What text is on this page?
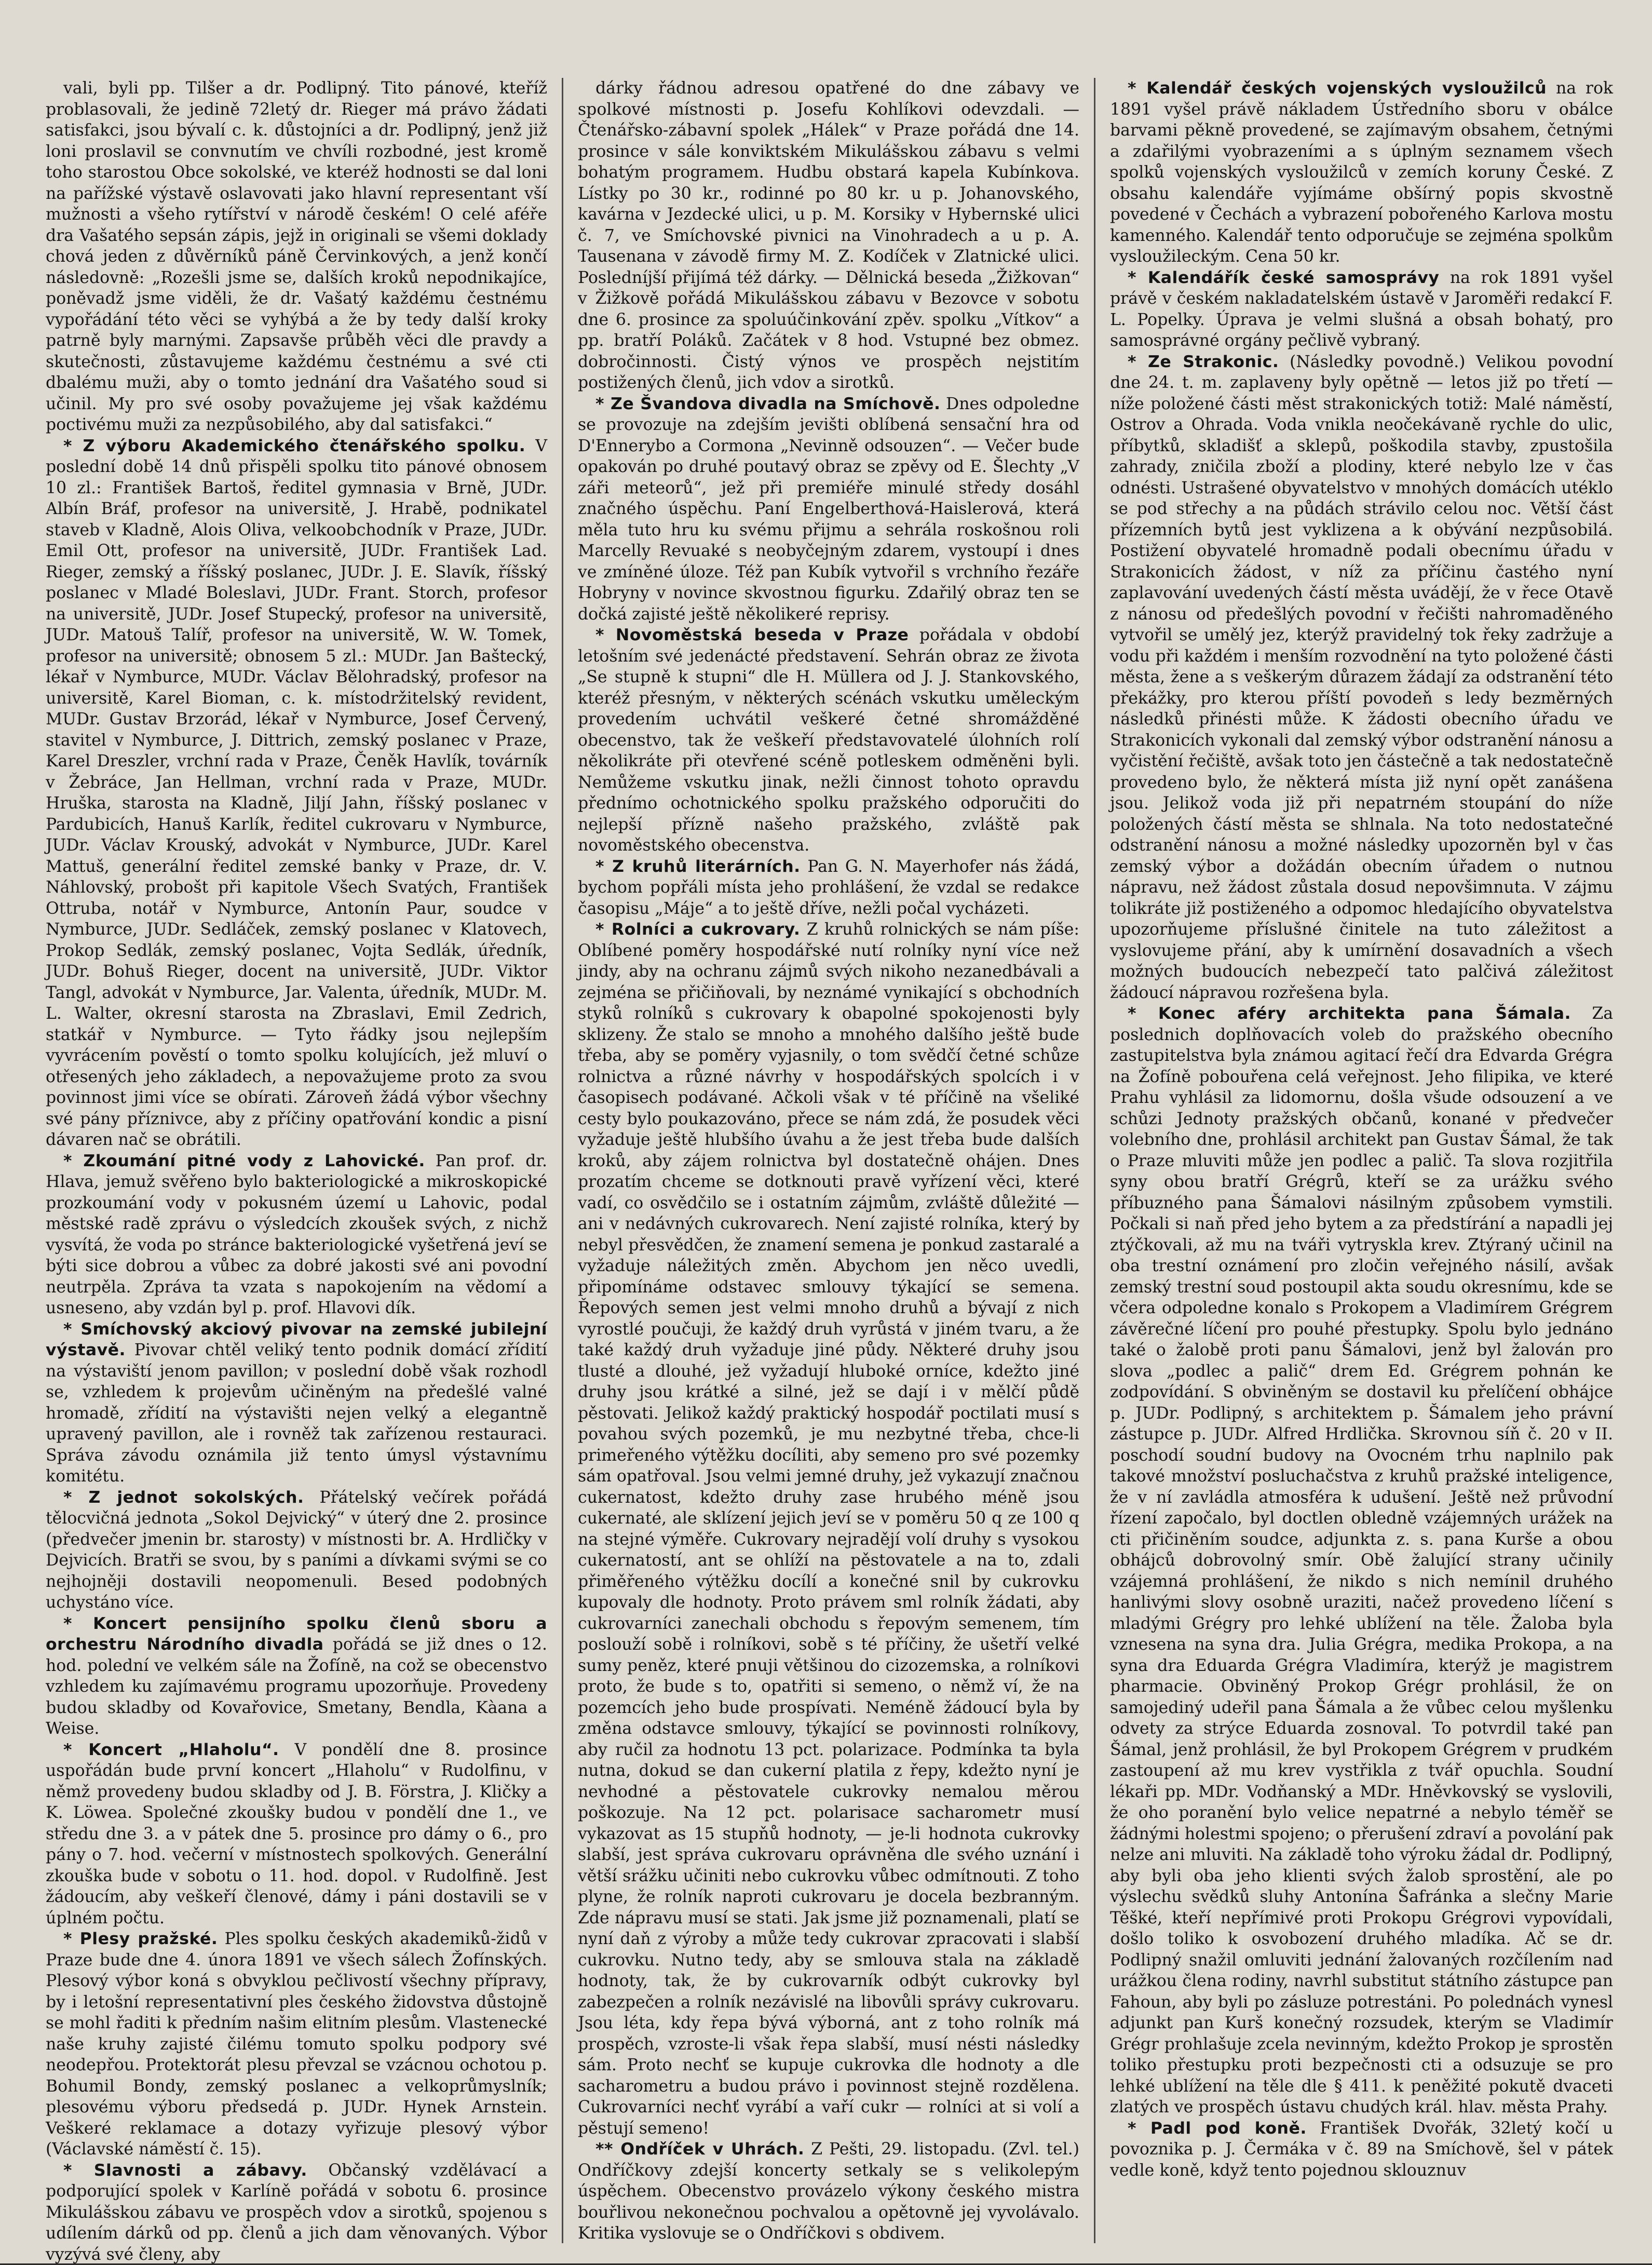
vali, byli pp. Tilšer a dr. Podlipný. Tito pánové, kteříž problasovali, že jedině 72letý dr. Rieger má právo žádati satisfakci, jsou bývalí c. k. důstojníci a dr. Podlipný, jenž již loni proslavil se convnutím ve chvíli rozbodné, jest kromě toho starostou Obce sokolské, ve kteréž hodnosti se dal loni na pařížské výstavě oslavovati jako hlavní representant vší mužnosti a všeho rytířství v národě českém! O celé aféře dra Vašatého sepsán zápis, jejž in originali se všemi doklady chová jeden z důvěrníků páně Červinkových, a jenž končí následovně: „Rozešli jsme se, dalších kroků nepodnikajíce, poněvadž jsme viděli, že dr. Vašatý každému čestnému vypořádání této věci se vyhýbá a že by tedy další kroky patrně byly marnými. Zapsavše průběh věci dle pravdy a skutečnosti, zůstavujeme každému čestnému a své cti dbalému muži, aby o tomto jednání dra Vašatého soud si učinil. My pro své osoby považujeme jej však každému poctivému muži za nezpůsobilého, aby dal satisfakci.“

* Z výboru Akademického čtenářského spolku. V poslední době 14 dnů přispěli spolku tito pánové obnosem 10 zl.: František Bartoš, ředitel gymnasia v Brně, JUDr. Albín Bráf, profesor na universitě, J. Hrabě, podnikatel staveb v Kladně, Alois Oliva, velkoobchodník v Praze, JUDr. Emil Ott, profesor na universitě, JUDr. František Lad. Rieger, zemský a říšský poslanec, JUDr. J. E. Slavík, říšský poslanec v Mladé Boleslavi, JUDr. Frant. Storch, profesor na universitě, JUDr. Josef Stupecký, profesor na universitě, JUDr. Matouš Talíř, profesor na universitě, W. W. Tomek, profesor na universitě; obnosem 5 zl.: MUDr. Jan Baštecký, lékař v Nymburce, MUDr. Václav Bělohradský, profesor na universitě, Karel Bioman, c. k. místodržitelský revident, MUDr. Gustav Brzorád, lékař v Nymburce, Josef Červený, stavitel v Nymburce, J. Dittrich, zemský poslanec v Praze, Karel Dreszler, vrchní rada v Praze, Čeněk Havlík, továrník v Žebráce, Jan Hellman, vrchní rada v Praze, MUDr. Hruška, starosta na Kladně, Jiljí Jahn, říšský poslanec v Pardubicích, Hanuš Karlík, ředitel cukrovaru v Nymburce, JUDr. Václav Krouský, advokát v Nymburce, JUDr. Karel Mattuš, generální ředitel zemské banky v Praze, dr. V. Náhlovský, probošt při kapitole Všech Svatých, František Ottruba, notář v Nymburce, Antonín Paur, soudce v Nymburce, JUDr. Sedláček, zemský poslanec v Klatovech, Prokop Sedlák, zemský poslanec, Vojta Sedlák, úředník, JUDr. Bohuš Rieger, docent na universitě, JUDr. Viktor Tangl, advokát v Nymburce, Jar. Valenta, úředník, MUDr. M. L. Walter, okresní starosta na Zbraslavi, Emil Zedrich, statkář v Nymburce. — Tyto řádky jsou nejlepším vyvrácením pověstí o tomto spolku kolujících, jež mluví o otřesených jeho základech, a nepovažujeme proto za svou povinnost jimi více se obírati. Zároveň žádá výbor všechny své pány příznivce, aby z příčiny opatřování kondic a pisní dávaren nač se obrátili.

* Zkoumání pitné vody z Lahovické. Pan prof. dr. Hlava, jemuž svěřeno bylo bakteriologické a mikroskopické prozkoumání vody v pokusném území u Lahovic, podal městské radě zprávu o výsledcích zkoušek svých, z nichž vysvítá, že voda po stránce bakteriologické vyšetřená jeví se býti sice dobrou a vůbec za dobré jakosti své ani povodní neutrpěla. Zpráva ta vzata s napokojením na vědomí a usneseno, aby vzdán byl p. prof. Hlavovi dík.

* Smíchovský akciový pivovar na zemské jubilejní výstavě. Pivovar chtěl veliký tento podnik domácí zřídití na výstaviští jenom pavillon; v poslední době však rozhodl se, vzhledem k projevům učiněným na předešlé valné hromadě, zřídití na výstavišti nejen velký a elegantně upravený pavillon, ale i rovněž tak zařízenou restauraci. Správa závodu oznámila již tento úmysl výstavnímu komitétu.

* Z jednot sokolských. Přátelský večírek pořádá tělocvičná jednota „Sokol Dejvický“ v úterý dne 2. prosince (předvečer jmenin br. starosty) v místnosti br. A. Hrdličky v Dejvicích. Bratři se svou, by s paními a dívkami svými se co nejhojněji dostavili neopomenuli. Besed podobných uchystáno více.

* Koncert pensijního spolku členů sboru a orchestru Národního divadla pořádá se již dnes o 12. hod. polední ve velkém sále na Žofíně, na což se obecenstvo vzhledem ku zajímavému programu upozorňuje. Provedeny budou skladby od Kovařovice, Smetany, Bendla, Kàana a Weise.

* Koncert „Hlaholu“. V pondělí dne 8. prosince uspořádán bude první koncert „Hlaholu“ v Rudolfinu, v němž provedeny budou skladby od J. B. Förstra, J. Kličky a K. Löwea. Společné zkoušky budou v pondělí dne 1., ve středu dne 3. a v pátek dne 5. prosince pro dámy o 6., pro pány o 7. hod. večerní v místnostech spolkových. Generální zkouška bude v sobotu o 11. hod. dopol. v Rudolfině. Jest žádoucím, aby veškeří členové, dámy i páni dostavili se v úplném počtu.

* Plesy pražské. Ples spolku českých akademiků-židů v Praze bude dne 4. února 1891 ve všech sálech Žofínských. Plesový výbor koná s obvyklou pečlivostí všechny přípravy, by i letošní representativní ples českého židovstva důstojně se mohl řaditi k předním našim elitním plesům. Vlastenecké naše kruhy zajisté čilému tomuto spolku podpory své neodepřou. Protektorát plesu převzal se vzácnou ochotou p. Bohumil Bondy, zemský poslanec a velkoprůmyslník; plesovému výboru předsedá p. JUDr. Hynek Arnstein. Veškeré reklamace a dotazy vyřizuje plesový výbor (Václavské náměstí č. 15).

* Slavnosti a zábavy. Občanský vzdělávací a podporující spolek v Karlíně pořádá v sobotu 6. prosince Mikulášskou zábavu ve prospěch vdov a sirotků, spojenou s udílením dárků od pp. členů a jich dam věnovaných. Výbor vyzývá své členy, aby

dárky řádnou adresou opatřené do dne zábavy ve spolkové místnosti p. Josefu Kohlíkovi odevzdali. — Čtenářsko-zábavní spolek „Hálek“ v Praze pořádá dne 14. prosince v sále konviktském Mikulášskou zábavu s velmi bohatým programem. Hudbu obstará kapela Kubínkova. Lístky po 30 kr., rodinné po 80 kr. u p. Johanovského, kavárna v Jezdecké ulici, u p. M. Korsiky v Hybernské ulici č. 7, ve Smíchovské pivnici na Vinohradech a u p. A. Tausenana v závodě firmy M. Z. Kodíček v Zlatnické ulici. Posledníjší přijímá též dárky. — Dělnická beseda „Žižkovan“ v Žižkově pořádá Mikulášskou zábavu v Bezovce v sobotu dne 6. prosince za spoluúčinkování zpěv. spolku „Vítkov“ a pp. bratří Poláků. Začátek v 8 hod. Vstupné bez obmez. dobročinnosti. Čistý výnos ve prospěch nejstitím postižených členů, jich vdov a sirotků.

* Ze Švandova divadla na Smíchově. Dnes odpoledne se provozuje na zdejším jevišti oblíbená sensační hra od D'Ennerybo a Cormona „Nevinně odsouzen“. — Večer bude opakován po druhé poutavý obraz se zpěvy od E. Šlechty „V záři meteorů“, jež při premiéře minulé středy dosáhl značného úspěchu. Paní Engelberthová-Haislerová, která měla tuto hru ku svému přijmu a sehrála roskošnou roli Marcelly Revuaké s neobyčejným zdarem, vystoupí i dnes ve zmíněné úloze. Též pan Kubík vytvořil s vrchního řezáře Hobryny v novince skvostnou figurku. Zdařilý obraz ten se dočká zajisté ještě několikeré reprisy.

* Novoměstská beseda v Praze pořádala v období letošním své jedenácté představení. Sehrán obraz ze života „Se stupně k stupni“ dle H. Müllera od J. J. Stankovského, kteréž přesným, v některých scénách vskutku uměleckým provedením uchvátil veškeré četné shromážděné obecenstvo, tak že veškeří představovatelé úlohních rolí několikráte při otevřené scéně potleskem odměněni byli. Nemůžeme vskutku jinak, nežli činnost tohoto opravdu přednímo ochotnického spolku pražského odporučiti do nejlepší přízně našeho pražského, zvláště pak novoměstského obecenstva.

* Z kruhů literárních. Pan G. N. Mayerhofer nás žádá, bychom popřáli místa jeho prohlášení, že vzdal se redakce časopisu „Máje“ a to ještě dříve, nežli počal vycházeti.

* Rolníci a cukrovary. Z kruhů rolnických se nám píše: Oblíbené poměry hospodářské nutí rolníky nyní více než jindy, aby na ochranu zájmů svých nikoho nezanedbávali a zejména se přičiňovali, by neznámé vynikající s obchodních styků rolníků s cukrovary k obapolné spokojenosti byly sklizeny. Že stalo se mnoho a mnohého dalšího ještě bude třeba, aby se poměry vyjasnily, o tom svědčí četné schůze rolnictva a různé návrhy v hospodářských spolcích i v časopisech podávané. Ačkoli však v té příčině na všeliké cesty bylo poukazováno, přece se nám zdá, že posudek věci vyžaduje ještě hlubšího úvahu a že jest třeba bude dalších kroků, aby zájem rolnictva byl dostatečně ohájen. Dnes prozatím chceme se dotknouti pravě vyřízení věci, které vadí, co osvědčilo se i ostatním zájmům, zvláště důležité — ani v nedávných cukrovarech. Není zajisté rolníka, který by nebyl přesvědčen, že znamení semena je ponkud zastaralé a vyžaduje náležitých změn. Abychom jen něco uvedli, připomínáme odstavec smlouvy týkající se semena. Řepových semen jest velmi mnoho druhů a bývají z nich vyrostlé poučuji, že každý druh vyrůstá v jiném tvaru, a že také každý druh vyžaduje jiné půdy. Některé druhy jsou tlusté a dlouhé, jež vyžadují hluboké orníce, kdežto jiné druhy jsou krátké a silné, jež se dají i v mělčí půdě pěstovati. Jelikož každý praktický hospodář poctilati musí s povahou svých pozemků, je mu nezbytné třeba, chce-li primeřeného výtěžku docíliti, aby semeno pro své pozemky sám opatřoval. Jsou velmi jemné druhy, jež vykazují značnou cukernatost, kdežto druhy zase hrubého méně jsou cukernaté, ale sklízení jejich jeví se v poměru 50 q ze 100 q na stejné výměře. Cukrovary nejradějí volí druhy s vysokou cukernatostí, ant se ohlíží na pěstovatele a na to, zdali přiměřeného výtěžku docílí a konečné snil by cukrovku kupovaly dle hodnoty. Proto právem sml rolník žádati, aby cukrovarníci zanechali obchodu s řepovým semenem, tím poslouží sobě i rolníkovi, sobě s té příčiny, že ušetří velké sumy peněz, které pnuji většinou do cizozemska, a rolníkovi proto, že bude s to, opatřiti si semeno, o němž ví, že na pozemcích jeho bude prospívati. Neméně žádoucí byla by změna odstavce smlouvy, týkající se povinnosti rolníkovy, aby ručil za hodnotu 13 pct. polarizace. Podmínka ta byla nutna, dokud se dan cukerní platila z řepy, kdežto nyní je nevhodné a pěstovatele cukrovky nemalou měrou poškozuje. Na 12 pct. polarisace sacharometr musí vykazovat as 15 stupňů hodnoty, — je-li hodnota cukrovky slabší, jest správa cukrovaru oprávněna dle svého uznání i větší srážku učiniti nebo cukrovku vůbec odmítnouti. Z toho plyne, že rolník naproti cukrovaru je docela bezbranným. Zde nápravu musí se stati. Jak jsme již poznamenali, platí se nyní daň z výroby a může tedy cukrovar zpracovati i slabší cukrovku. Nutno tedy, aby se smlouva stala na základě hodnoty, tak, že by cukrovarník odbýt cukrovky byl zabezpečen a rolník nezávislé na libovůli správy cukrovaru. Jsou léta, kdy řepa bývá výborná, ant z toho rolník má prospěch, vzroste-li však řepa slabší, musí nésti následky sám. Proto nechť se kupuje cukrovka dle hodnoty a dle sacharometru a budou právo i povinnost stejně rozdělena. Cukrovarníci nechť vyrábí a vaří cukr — rolníci at si volí a pěstují semeno!

** Ondříček v Uhrách. Z Pešti, 29. listopadu. (Zvl. tel.) Ondříčkovy zdejší koncerty setkaly se s velikolepým úspěchem. Obecenstvo provázelo výkony českého mistra bouřlivou nekonečnou pochvalou a opětovně jej vyvolávalo. Kritika vyslovuje se o Ondříčkovi s obdivem.

* Kalendář českých vojenských vysloužilců na rok 1891 vyšel právě nákladem Ústředního sboru v obálce barvami pěkně provedené, se zajímavým obsahem, četnými a zdařilými vyobrazeními a s úplným seznamem všech spolků vojenských vysloužilců v zemích koruny České. Z obsahu kalendáře vyjímáme obšírný popis skvostně povedené v Čechách a vybrazení pobořeného Karlova mostu kamenného. Kalendář tento odporučuje se zejména spolkům vysloužileckým. Cena 50 kr.

* Kalendářík české samosprávy na rok 1891 vyšel právě v českém nakladatelském ústavě v Jaroměři redakcí F. L. Popelky. Úprava je velmi slušná a obsah bohatý, pro samosprávné orgány pečlivě vybraný.

* Ze Strakonic. (Následky povodně.) Velikou povodní dne 24. t. m. zaplaveny byly opětně — letos již po třetí — níže položené části měst strakonických totiž: Malé náměstí, Ostrov a Ohrada. Voda vnikla neočekávaně rychle do ulic, příbytků, skladišť a sklepů, poškodila stavby, zpustošila zahrady, zničila zboží a plodiny, které nebylo lze v čas odnésti. Ustrašené obyvatelstvo v mnohých domácích utéklo se pod střechy a na půdách strávilo celou noc. Větší část přízemních bytů jest vyklizena a k obývání nezpůsobilá. Postižení obyvatelé hromadně podali obecnímu úřadu v Strakonicích žádost, v níž za příčinu častého nyní zaplavování uvedených částí města uvádějí, že v řece Otavě z nánosu od předešlých povodní v řečišti nahromaděného vytvořil se umělý jez, kterýž pravidelný tok řeky zadržuje a vodu při každém i menším rozvodnění na tyto položené části města, žene a s veškerým důrazem žádají za odstranění této překážky, pro kterou příští povodeň s ledy bezměrných následků přinésti může. K žádosti obecního úřadu ve Strakonicích vykonali dal zemský výbor odstranění nánosu a vyčistění řečiště, avšak toto jen částečně a tak nedostatečně provedeno bylo, že některá místa již nyní opět zanášena jsou. Jelikož voda již při nepatrném stoupání do níže položených částí města se shlnala. Na toto nedostatečné odstranění nánosu a možné následky upozorněn byl v čas zemský výbor a dožádán obecním úřadem o nutnou nápravu, než žádost zůstala dosud nepovšimnuta. V zájmu tolikráte již postiženého a odpomoc hledajícího obyvatelstva upozorňujeme příslušné činitele na tuto záležitost a vyslovujeme přání, aby k umírnění dosavadních a všech možných budoucích nebezpečí tato palčivá záležitost žádoucí nápravou rozřešena byla.

* Konec aféry architekta pana Šámala. Za poslednich doplňovacích voleb do pražského obecního zastupitelstva byla známou agitací řečí dra Edvarda Grégra na Žofíně pobouřena celá veřejnost. Jeho filipika, ve které Prahu vyhlásil za lidomornu, došla všude odsouzení a ve schůzi Jednoty pražských občanů, konané v předvečer volebního dne, prohlásil architekt pan Gustav Šámal, že tak o Praze mluviti může jen podlec a palič. Ta slova rozjitřila syny obou bratří Grégrů, kteří se za urážku svého příbuzného pana Šámalovi násilným způsobem vymstili. Počkali si naň před jeho bytem a za předstírání a napadli jej ztýčkovali, až mu na tváři vytryskla krev. Ztýraný učinil na oba trestní oznámení pro zločin veřejného násilí, avšak zemský trestní soud postoupil akta soudu okresnímu, kde se včera odpoledne konalo s Prokopem a Vladimírem Grégrem závěrečné líčení pro pouhé přestupky. Spolu bylo jednáno také o žalobě proti panu Šámalovi, jenž byl žalován pro slova „podlec a palič“ drem Ed. Grégrem pohnán ke zodpovídání. S obviněným se dostavil ku přelíčení obhájce p. JUDr. Podlipný, s architektem p. Šámalem jeho právní zástupce p. JUDr. Alfred Hrdlička. Skrovnou síň č. 20 v II. poschodí soudní budovy na Ovocném trhu naplnilo pak takové množství posluchačstva z kruhů pražské inteligence, že v ní zavládla atmosféra k udušení. Ještě než průvodní řízení započalo, byl doctlen obledně vzájemných urážek na cti přičiněním soudce, adjunkta z. s. pana Kurše a obou obhájců dobrovolný smír. Obě žalující strany učinily vzájemná prohlášení, že nikdo s nich nemínil druhého hanlivými slovy osobně uraziti, načež provedeno líčení s mladými Grégry pro lehké ublížení na těle. Žaloba byla vznesena na syna dra. Julia Grégra, medika Prokopa, a na syna dra Eduarda Grégra Vladimíra, kterýž je magistrem pharmacie. Obviněný Prokop Grégr prohlásil, že on samojediný udeřil pana Šámala a že vůbec celou myšlenku odvety za strýce Eduarda zosnoval. To potvrdil také pan Šámal, jenž prohlásil, že byl Prokopem Grégrem v prudkém zastoupení až mu krev vystřikla z tvář opuchla. Soudní lékaři pp. MDr. Vodňanský a MDr. Hněvkovský se vyslovili, že oho poranění bylo velice nepatrné a nebylo téměř se žádnými holestmi spojeno; o přerušení zdraví a povolání pak nelze ani mluviti. Na základě toho výroku žádal dr. Podlipný, aby byli oba jeho klienti svých žalob sprostění, ale po výslechu svědků sluhy Antonína Šafránka a slečny Marie Těšké, kteří nepřímivé proti Prokopu Grégrovi vypovídali, došlo toliko k osvobození druhého mladíka. Ač se dr. Podlipný snažil omluviti jednání žalovaných rozčílením nad urážkou člena rodiny, navrhl substitut státního zástupce pan Fahoun, aby byli po zásluze potrestáni. Po polednách vynesl adjunkt pan Kurš konečný rozsudek, kterým se Vladimír Grégr prohlašuje zcela nevinným, kdežto Prokop je sprostěn toliko přestupku proti bezpečnosti cti a odsuzuje se pro lehké ublížení na těle dle § 411. k peněžité pokutě dvaceti zlatých ve prospěch ústavu chudých král. hlav. města Prahy.

* Padl pod koně. František Dvořák, 32letý kočí u povoznika p. J. Čermáka v č. 89 na Smíchově, šel v pátek vedle koně, když tento pojednou sklouznuv
